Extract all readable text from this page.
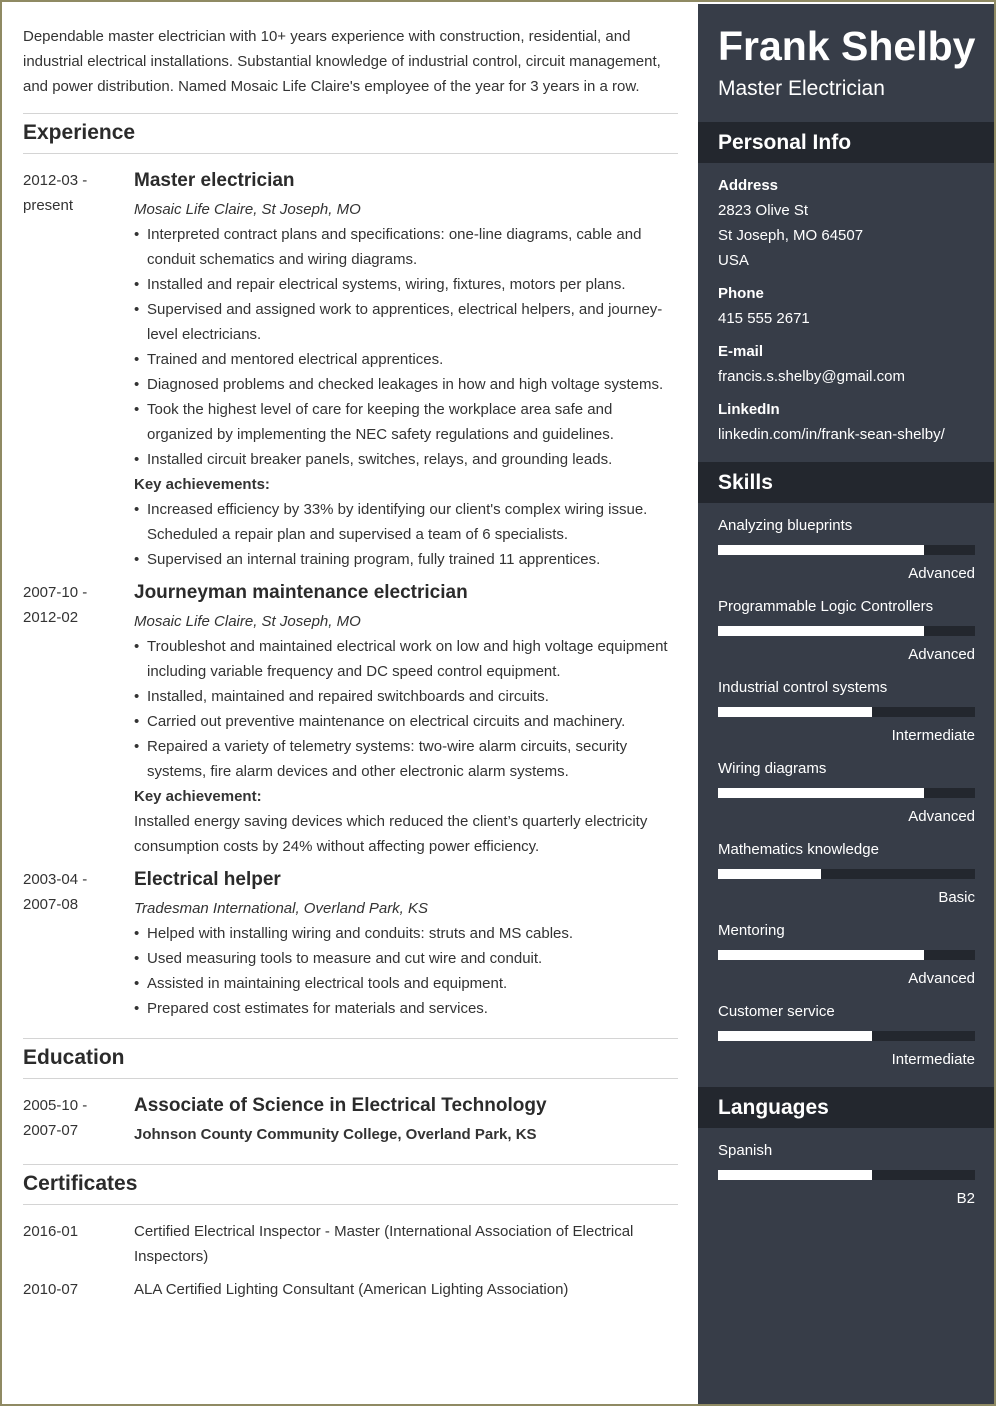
Dependable master electrician with 10+ years experience with construction, residential, and industrial electrical installations. Substantial knowledge of industrial control, circuit management, and power distribution. Named Mosaic Life Claire's employee of the year for 3 years in a row.

Experience
2012-03 -
present
Master electrician
Mosaic Life Claire, St Joseph, MO
• Interpreted contract plans and specifications: one-line diagrams, cable and conduit schematics and wiring diagrams.
• Installed and repair electrical systems, wiring, fixtures, motors per plans.
• Supervised and assigned work to apprentices, electrical helpers, and journey-level electricians.
• Trained and mentored electrical apprentices.
• Diagnosed problems and checked leakages in how and high voltage systems.
• Took the highest level of care for keeping the workplace area safe and organized by implementing the NEC safety regulations and guidelines.
• Installed circuit breaker panels, switches, relays, and grounding leads.
Key achievements:
• Increased efficiency by 33% by identifying our client's complex wiring issue. Scheduled a repair plan and supervised a team of 6 specialists.
• Supervised an internal training program, fully trained 11 apprentices.
2007-10 -
2012-02
Journeyman maintenance electrician
Mosaic Life Claire, St Joseph, MO
• Troubleshot and maintained electrical work on low and high voltage equipment including variable frequency and DC speed control equipment.
• Installed, maintained and repaired switchboards and circuits.
• Carried out preventive maintenance on electrical circuits and machinery.
• Repaired a variety of telemetry systems: two-wire alarm circuits, security systems, fire alarm devices and other electronic alarm systems.
Key achievement:
Installed energy saving devices which reduced the client’s quarterly electricity consumption costs by 24% without affecting power efficiency.
2003-04 -
2007-08
Electrical helper
Tradesman International, Overland Park, KS
• Helped with installing wiring and conduits: struts and MS cables.
• Used measuring tools to measure and cut wire and conduit.
• Assisted in maintaining electrical tools and equipment.
• Prepared cost estimates for materials and services.
Education
2005-10 -
2007-07
Associate of Science in Electrical Technology
Johnson County Community College, Overland Park, KS
Certificates
2016-01	Certified Electrical Inspector - Master (International Association of Electrical Inspectors)
2010-07	ALA Certified Lighting Consultant (American Lighting Association)
Frank Shelby
Master Electrician
Personal Info
Address
2823 Olive St
St Joseph, MO 64507
USA
Phone
415 555 2671
E-mail
francis.s.shelby@gmail.com
LinkedIn
linkedin.com/in/frank-sean-shelby/
Skills
Analyzing blueprints
Advanced
Programmable Logic Controllers
Advanced
Industrial control systems
Intermediate
Wiring diagrams
Advanced
Mathematics knowledge
Basic
Mentoring
Advanced
Customer service
Intermediate
Languages
Spanish
B2
